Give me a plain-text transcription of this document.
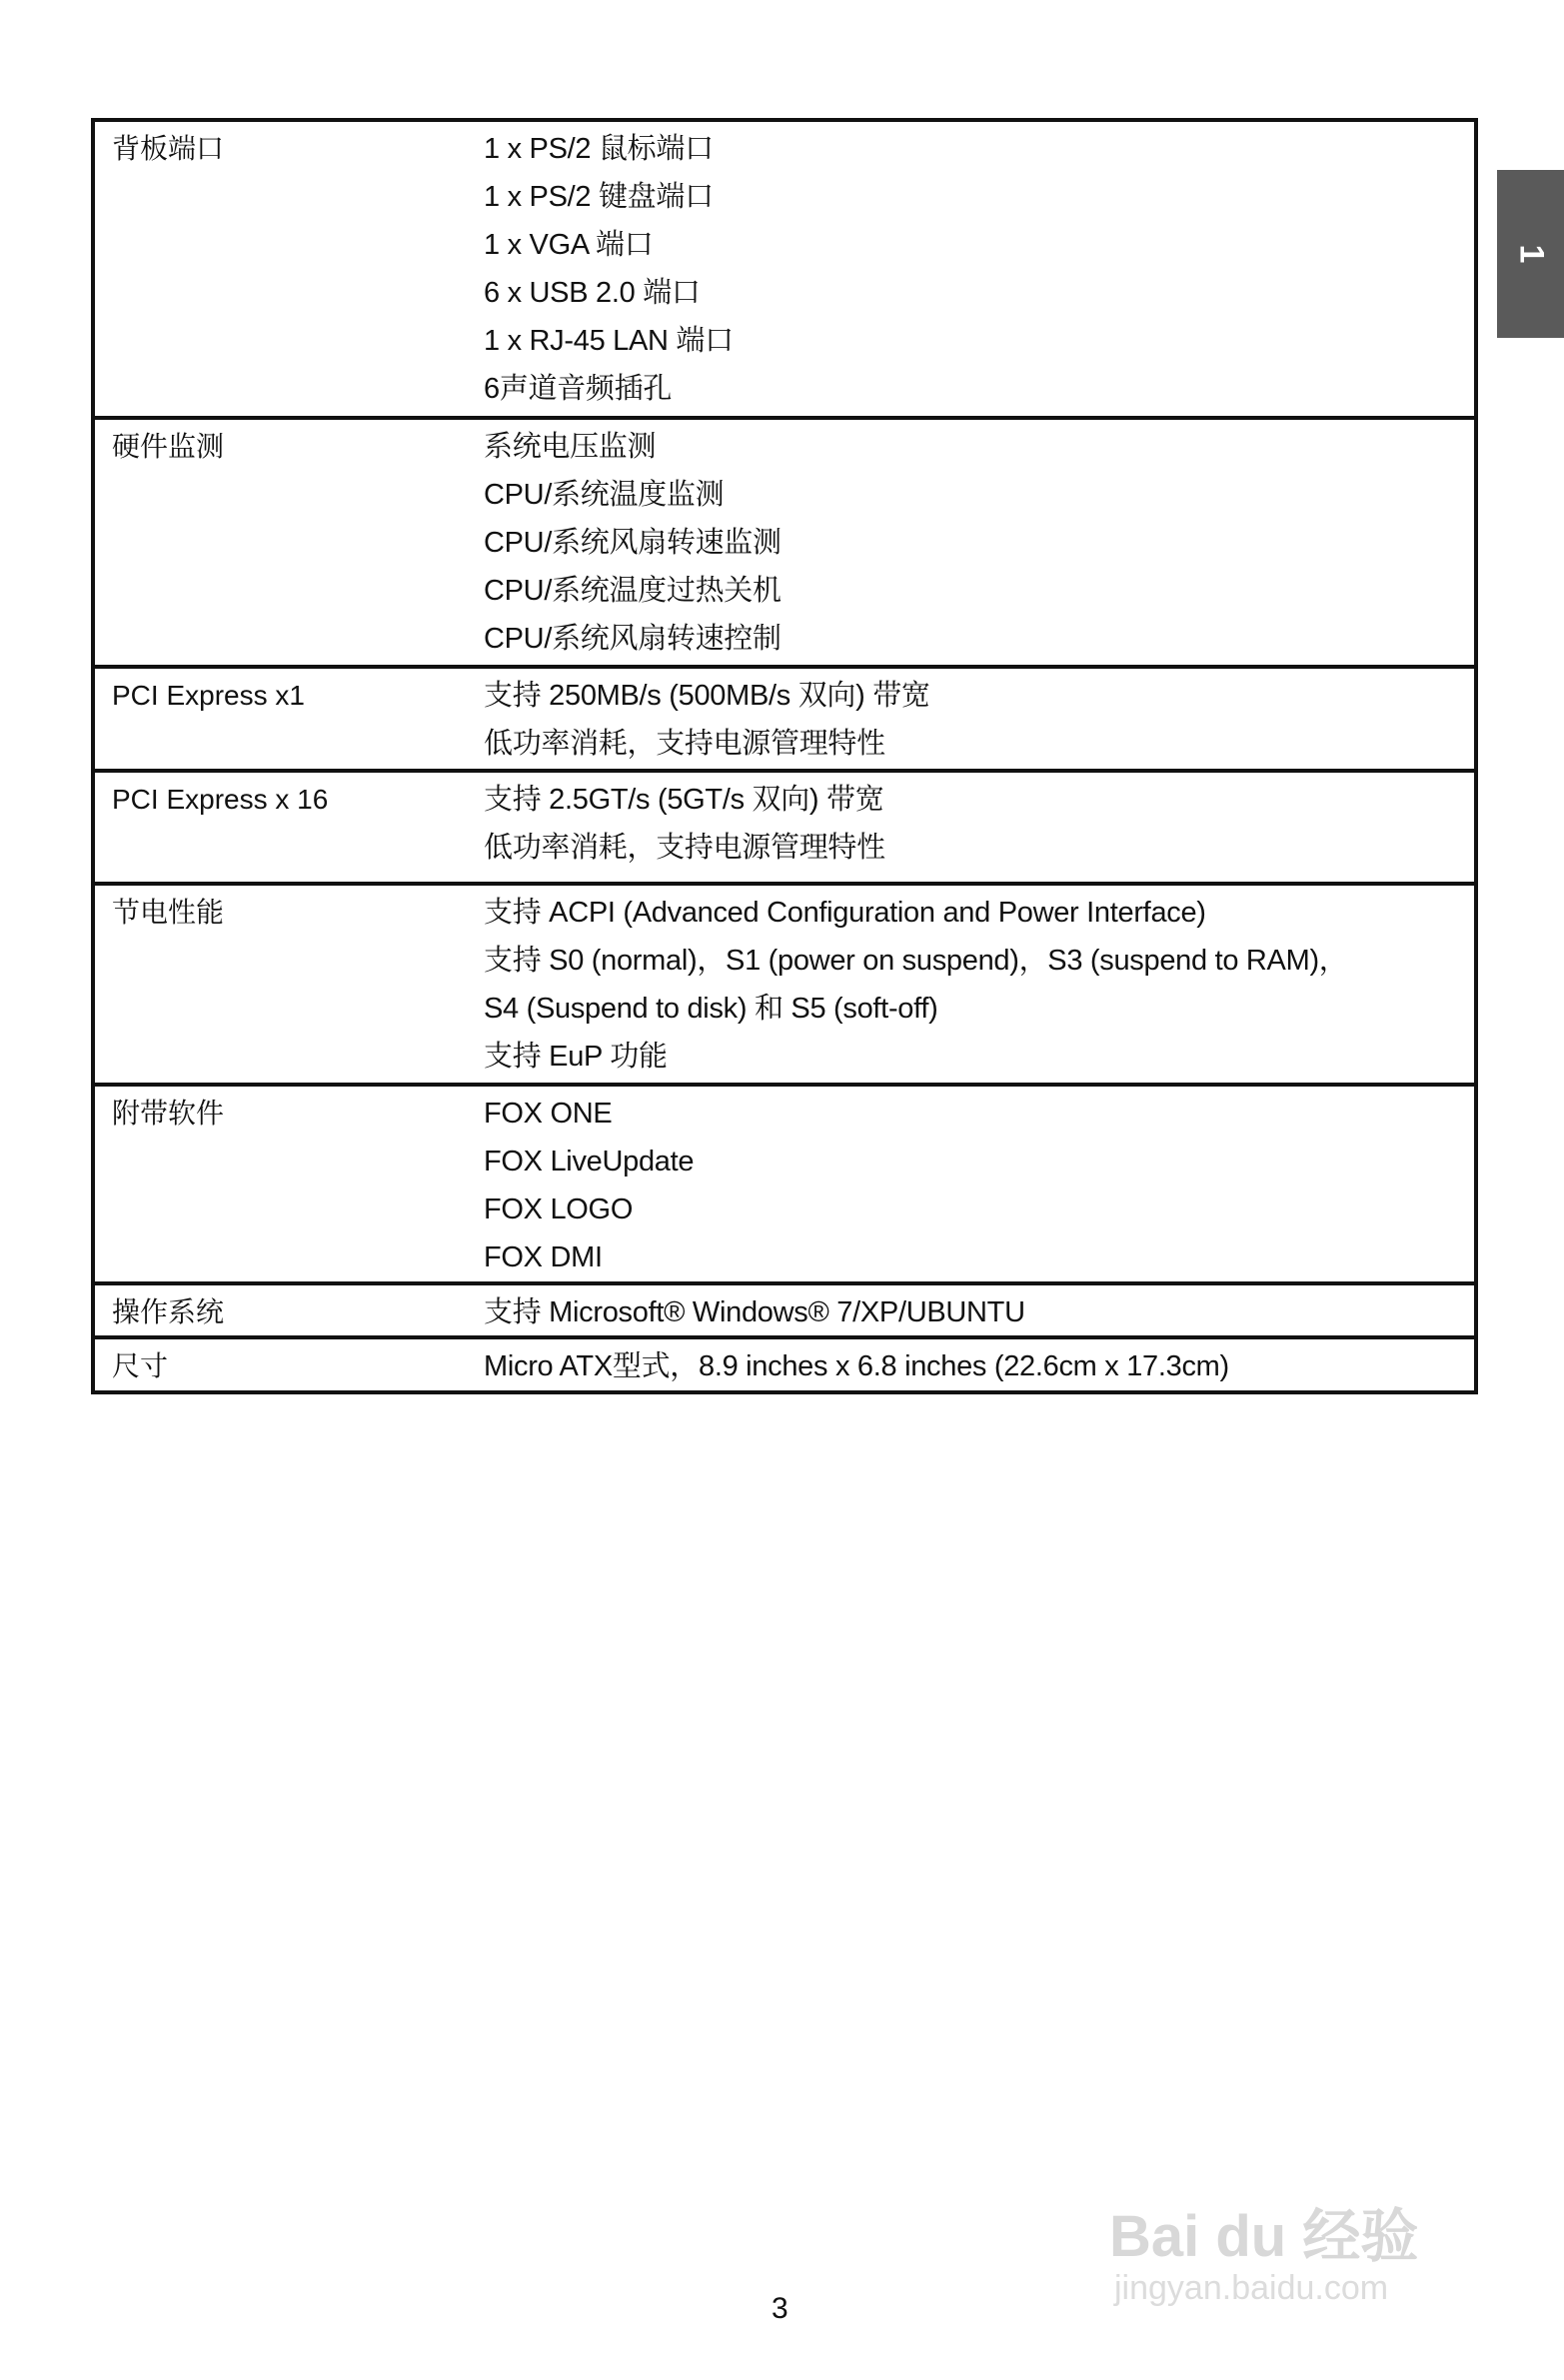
1
背板端口	1 x PS/2 鼠标端口
1 x PS/2 键盘端口
1 x VGA 端口
6 x USB 2.0 端口
1 x RJ-45 LAN 端口
6声道音频插孔
硬件监测	系统电压监测
CPU/系统温度监测
CPU/系统风扇转速监测
CPU/系统温度过热关机
CPU/系统风扇转速控制
PCI Express x1	支持 250MB/s (500MB/s 双向) 带宽
低功率消耗，支持电源管理特性
PCI Express x 16	支持 2.5GT/s (5GT/s 双向) 带宽
低功率消耗，支持电源管理特性
节电性能	支持 ACPI (Advanced Configuration and Power Interface)
支持 S0 (normal)，S1 (power on suspend)，S3 (suspend to RAM)，
S4 (Suspend to disk) 和 S5 (soft-off)
支持 EuP 功能
附带软件	FOX ONE
FOX LiveUpdate
FOX LOGO
FOX DMI
操作系统	支持 Microsoft® Windows® 7/XP/UBUNTU
尺寸	Micro ATX型式，8.9 inches x 6.8 inches (22.6cm x 17.3cm)
Bai du 经验
jingyan.baidu.com
3
